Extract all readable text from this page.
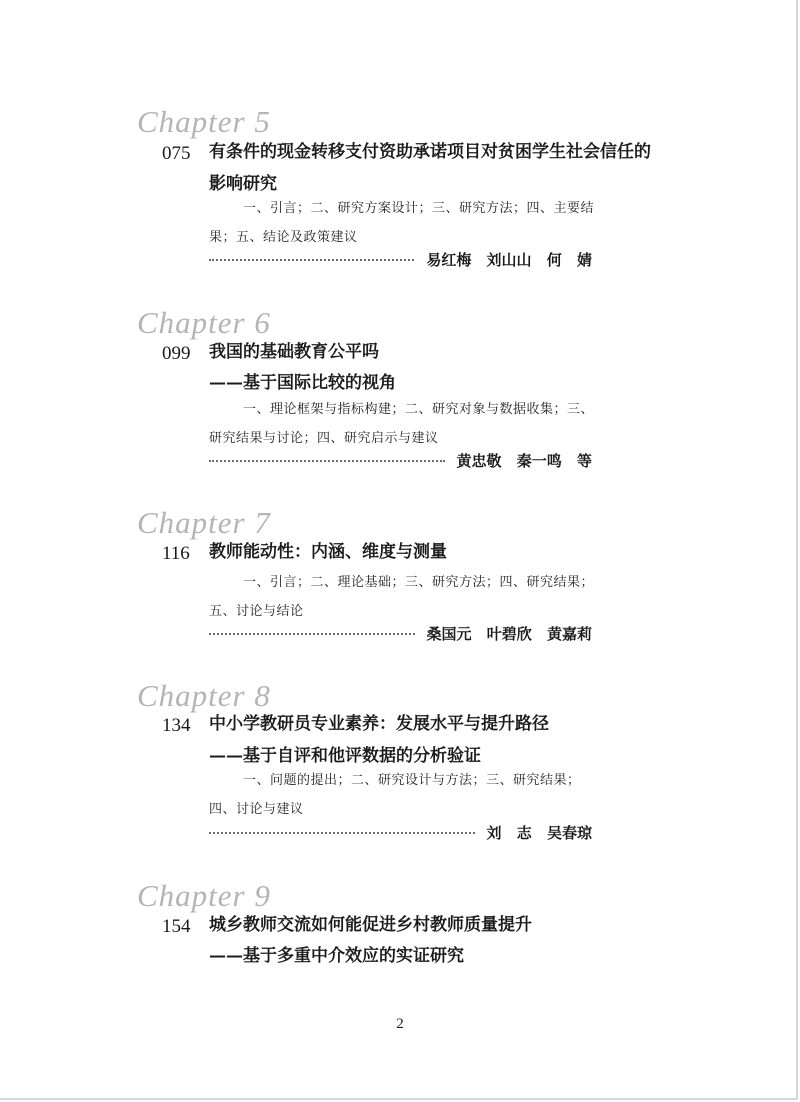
Chapter 5
075 有条件的现金转移支付资助承诺项目对贫困学生社会信任的
影响研究
一、引言；二、研究方案设计；三、研究方法；四、主要结果；五、结论及政策建议
易红梅 刘山山 何 婧
Chapter 6
099 我国的基础教育公平吗
——基于国际比较的视角
一、理论框架与指标构建；二、研究对象与数据收集；三、研究结果与讨论；四、研究启示与建议
黄忠敬 秦一鸣 等
Chapter 7
116 教师能动性：内涵、维度与测量
一、引言；二、理论基础；三、研究方法；四、研究结果；五、讨论与结论
桑国元 叶碧欣 黄嘉莉
Chapter 8
134 中小学教研员专业素养：发展水平与提升路径
——基于自评和他评数据的分析验证
一、问题的提出；二、研究设计与方法；三、研究结果；四、讨论与建议
刘 志 吴春琼
Chapter 9
154 城乡教师交流如何能促进乡村教师质量提升
——基于多重中介效应的实证研究
2
